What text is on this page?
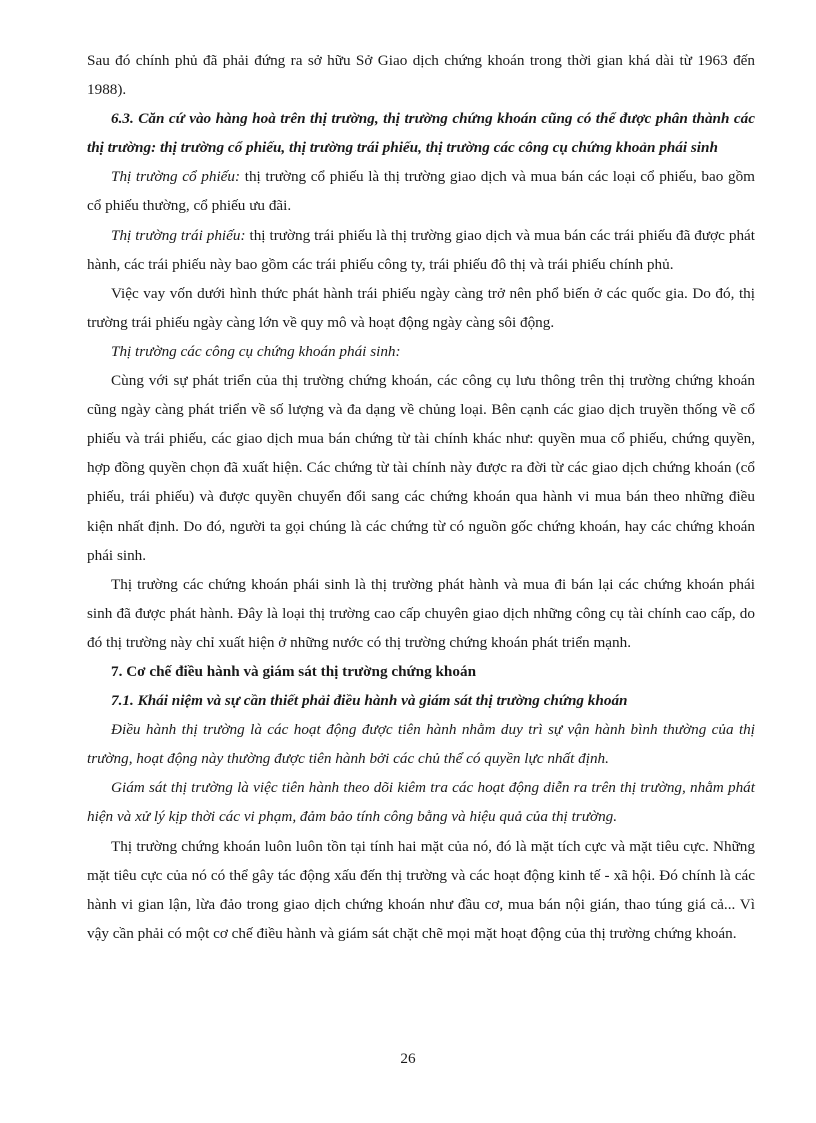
Sau đó chính phủ đã phải đứng ra sở hữu Sở Giao dịch chứng khoán trong thời gian khá dài từ 1963 đến 1988).

6.3. Căn cứ vào hàng hoà trên thị trường, thị trường chứng khoán cũng có thể được phân thành các thị trường: thị trường cổ phiếu, thị trường trái phiếu, thị trường các công cụ chứng khoản phái sinh

Thị trường cổ phiếu: thị trường cổ phiếu là thị trường giao dịch và mua bán các loại cổ phiếu, bao gồm cổ phiếu thường, cổ phiếu ưu đãi.

Thị trường trái phiếu: thị trường trái phiếu là thị trường giao dịch và mua bán các trái phiếu đã được phát hành, các trái phiếu này bao gồm các trái phiếu công ty, trái phiếu đô thị và trái phiếu chính phủ.

Việc vay vốn dưới hình thức phát hành trái phiếu ngày càng trở nên phổ biến ở các quốc gia. Do đó, thị trường trái phiếu ngày càng lớn về quy mô và hoạt động ngày càng sôi động.

Thị trường các công cụ chứng khoán phái sinh:

Cùng với sự phát triển của thị trường chứng khoán, các công cụ lưu thông trên thị trường chứng khoán cũng ngày càng phát triển về số lượng và đa dạng về chủng loại. Bên cạnh các giao dịch truyền thống về cổ phiếu và trái phiếu, các giao dịch mua bán chứng từ tài chính khác như: quyền mua cổ phiếu, chứng quyền, hợp đồng quyền chọn đã xuất hiện. Các chứng từ tài chính này được ra đời từ các giao dịch chứng khoán (cổ phiếu, trái phiếu) và được quyền chuyển đổi sang các chứng khoán qua hành vi mua bán theo những điều kiện nhất định. Do đó, người ta gọi chúng là các chứng từ có nguồn gốc chứng khoán, hay các chứng khoán phái sinh.

Thị trường các chứng khoán phái sinh là thị trường phát hành và mua đi bán lại các chứng khoán phái sinh đã được phát hành. Đây là loại thị trường cao cấp chuyên giao dịch những công cụ tài chính cao cấp, do đó thị trường này chỉ xuất hiện ở những nước có thị trường chứng khoán phát triển mạnh.

7. Cơ chế điều hành và giám sát thị trường chứng khoán

7.1. Khái niệm và sự cần thiết phải điều hành và giám sát thị trường chứng khoán

Điều hành thị trường là các hoạt động được tiên hành nhằm duy trì sự vận hành bình thường của thị trường, hoạt động này thường được tiên hành bởi các chủ thể có quyền lực nhất định.

Giám sát thị trường là việc tiên hành theo dõi kiêm tra các hoạt động diễn ra trên thị trường, nhằm phát hiện và xử lý kịp thời các vi phạm, đảm bảo tính công bằng và hiệu quả của thị trường.

Thị trường chứng khoán luôn luôn tồn tại tính hai mặt của nó, đó là mặt tích cực và mặt tiêu cực. Những mặt tiêu cực của nó có thể gây tác động xấu đến thị trường và các hoạt động kinh tế - xã hội. Đó chính là các hành vi gian lận, lừa đảo trong giao dịch chứng khoán như đầu cơ, mua bán nội gián, thao túng giá cả... Vì vậy cần phải có một cơ chế điều hành và giám sát chặt chẽ mọi mặt hoạt động của thị trường chứng khoán.

26
